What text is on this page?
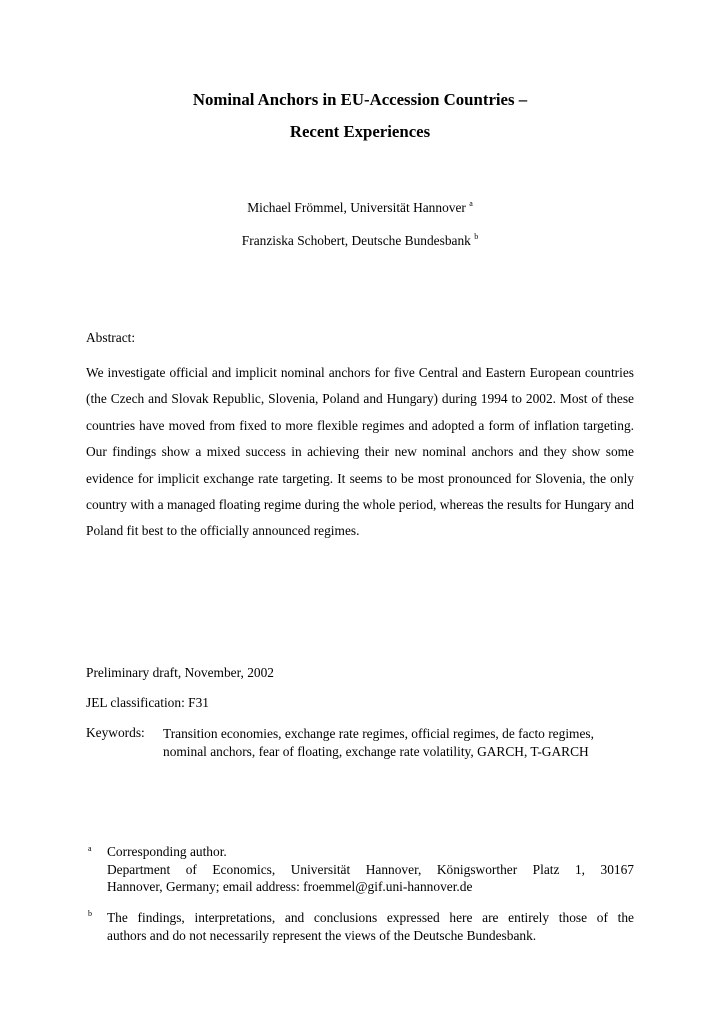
Nominal Anchors in EU-Accession Countries –
Recent Experiences
Michael Frömmel, Universität Hannover $^a$
Franziska Schobert, Deutsche Bundesbank $^b$
Abstract:

We investigate official and implicit nominal anchors for five Central and Eastern European countries (the Czech and Slovak Republic, Slovenia, Poland and Hungary) during 1994 to 2002. Most of these countries have moved from fixed to more flexible regimes and adopted a form of inflation targeting. Our findings show a mixed success in achieving their new nominal anchors and they show some evidence for implicit exchange rate targeting. It seems to be most pronounced for Slovenia, the only country with a managed floating regime during the whole period, whereas the results for Hungary and Poland fit best to the officially announced regimes.

Preliminary draft, November, 2002
JEL classification: F31
Keywords: Transition economies, exchange rate regimes, official regimes, de facto regimes,
nominal anchors, fear of floating, exchange rate volatility, GARCH, T-GARCH
a Corresponding author.
Department of Economics, Universität Hannover, Königsworther Platz 1, 30167
Hannover, Germany; email address: froemmel@gif.uni-hannover.de
b The findings, interpretations, and conclusions expressed here are entirely those of the
authors and do not necessarily represent the views of the Deutsche Bundesbank.
